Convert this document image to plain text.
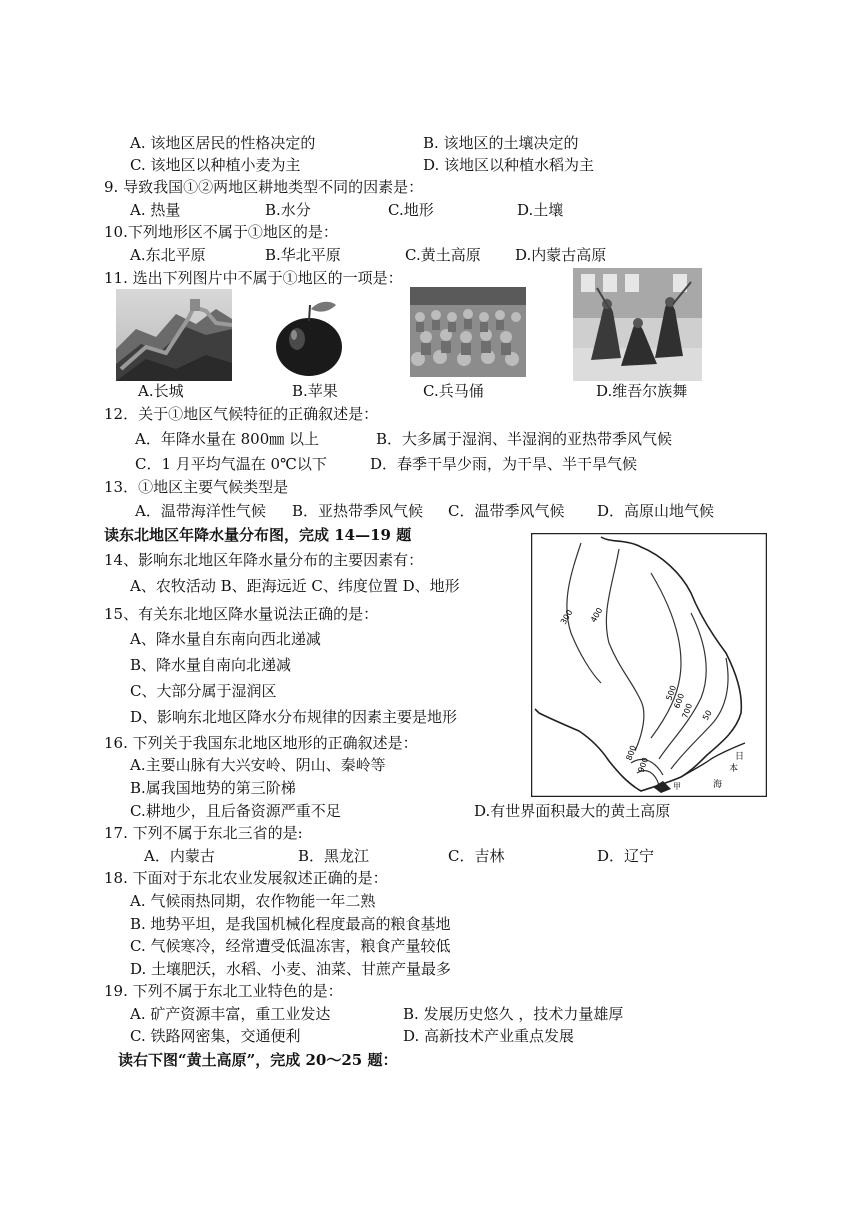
A. 该地区居民的性格决定的	B. 该地区的土壤决定的
C. 该地区以种植小麦为主	D. 该地区以种植水稻为主
9. 导致我国①②两地区耕地类型不同的因素是：
A. 热量	B.水分	C.地形	D.土壤
10.下列地形区不属于①地区的是：
A.东北平原	B.华北平原	C.黄土高原 D.内蒙古高原
11. 选出下列图片中不属于①地区的一项是：
A.长城	B.苹果	C.兵马俑	D.维吾尔族舞
12．关于①地区气候特征的正确叙述是：
A．年降水量在 800㎜ 以上	B．大多属于湿润、半湿润的亚热带季风气候
C．1 月平均气温在 0℃以下	D．春季干旱少雨，为干旱、半干旱气候
13．①地区主要气候类型是
A．温带海洋性气候 B．亚热带季风气候 C．温带季风气候 D．高原山地气候
读东北地区年降水量分布图，完成 14—19 题
14、影响东北地区年降水量分布的主要因素有：
A、农牧活动 B、距海远近 C、纬度位置 D、地形
15、有关东北地区降水量说法正确的是：
A、降水量自东南向西北递减
B、降水量自南向北递减
C、大部分属于湿润区
D、影响东北地区降水分布规律的因素主要是地形
300 400
500
600
700
800
900
50
日
本
海
甲
16. 下列关于我国东北地区地形的正确叙述是：
A.主要山脉有大兴安岭、阴山、秦岭等
B.属我国地势的第三阶梯
C.耕地少，且后备资源严重不足	D.有世界面积最大的黄土高原
17. 下列不属于东北三省的是:
A．内蒙古	B．黑龙江	C．吉林	D．辽宁
18. 下面对于东北农业发展叙述正确的是：
A. 气候雨热同期，农作物能一年二熟
B. 地势平坦，是我国机械化程度最高的粮食基地
C. 气候寒冷，经常遭受低温冻害，粮食产量较低
D. 土壤肥沃，水稻、小麦、油菜、甘蔗产量最多
19. 下列不属于东北工业特色的是：
A. 矿产资源丰富，重工业发达	B. 发展历史悠久 ，技术力量雄厚
C. 铁路网密集，交通便利	D. 高新技术产业重点发展
读右下图“黄土高原”，完成 20～25 题：
